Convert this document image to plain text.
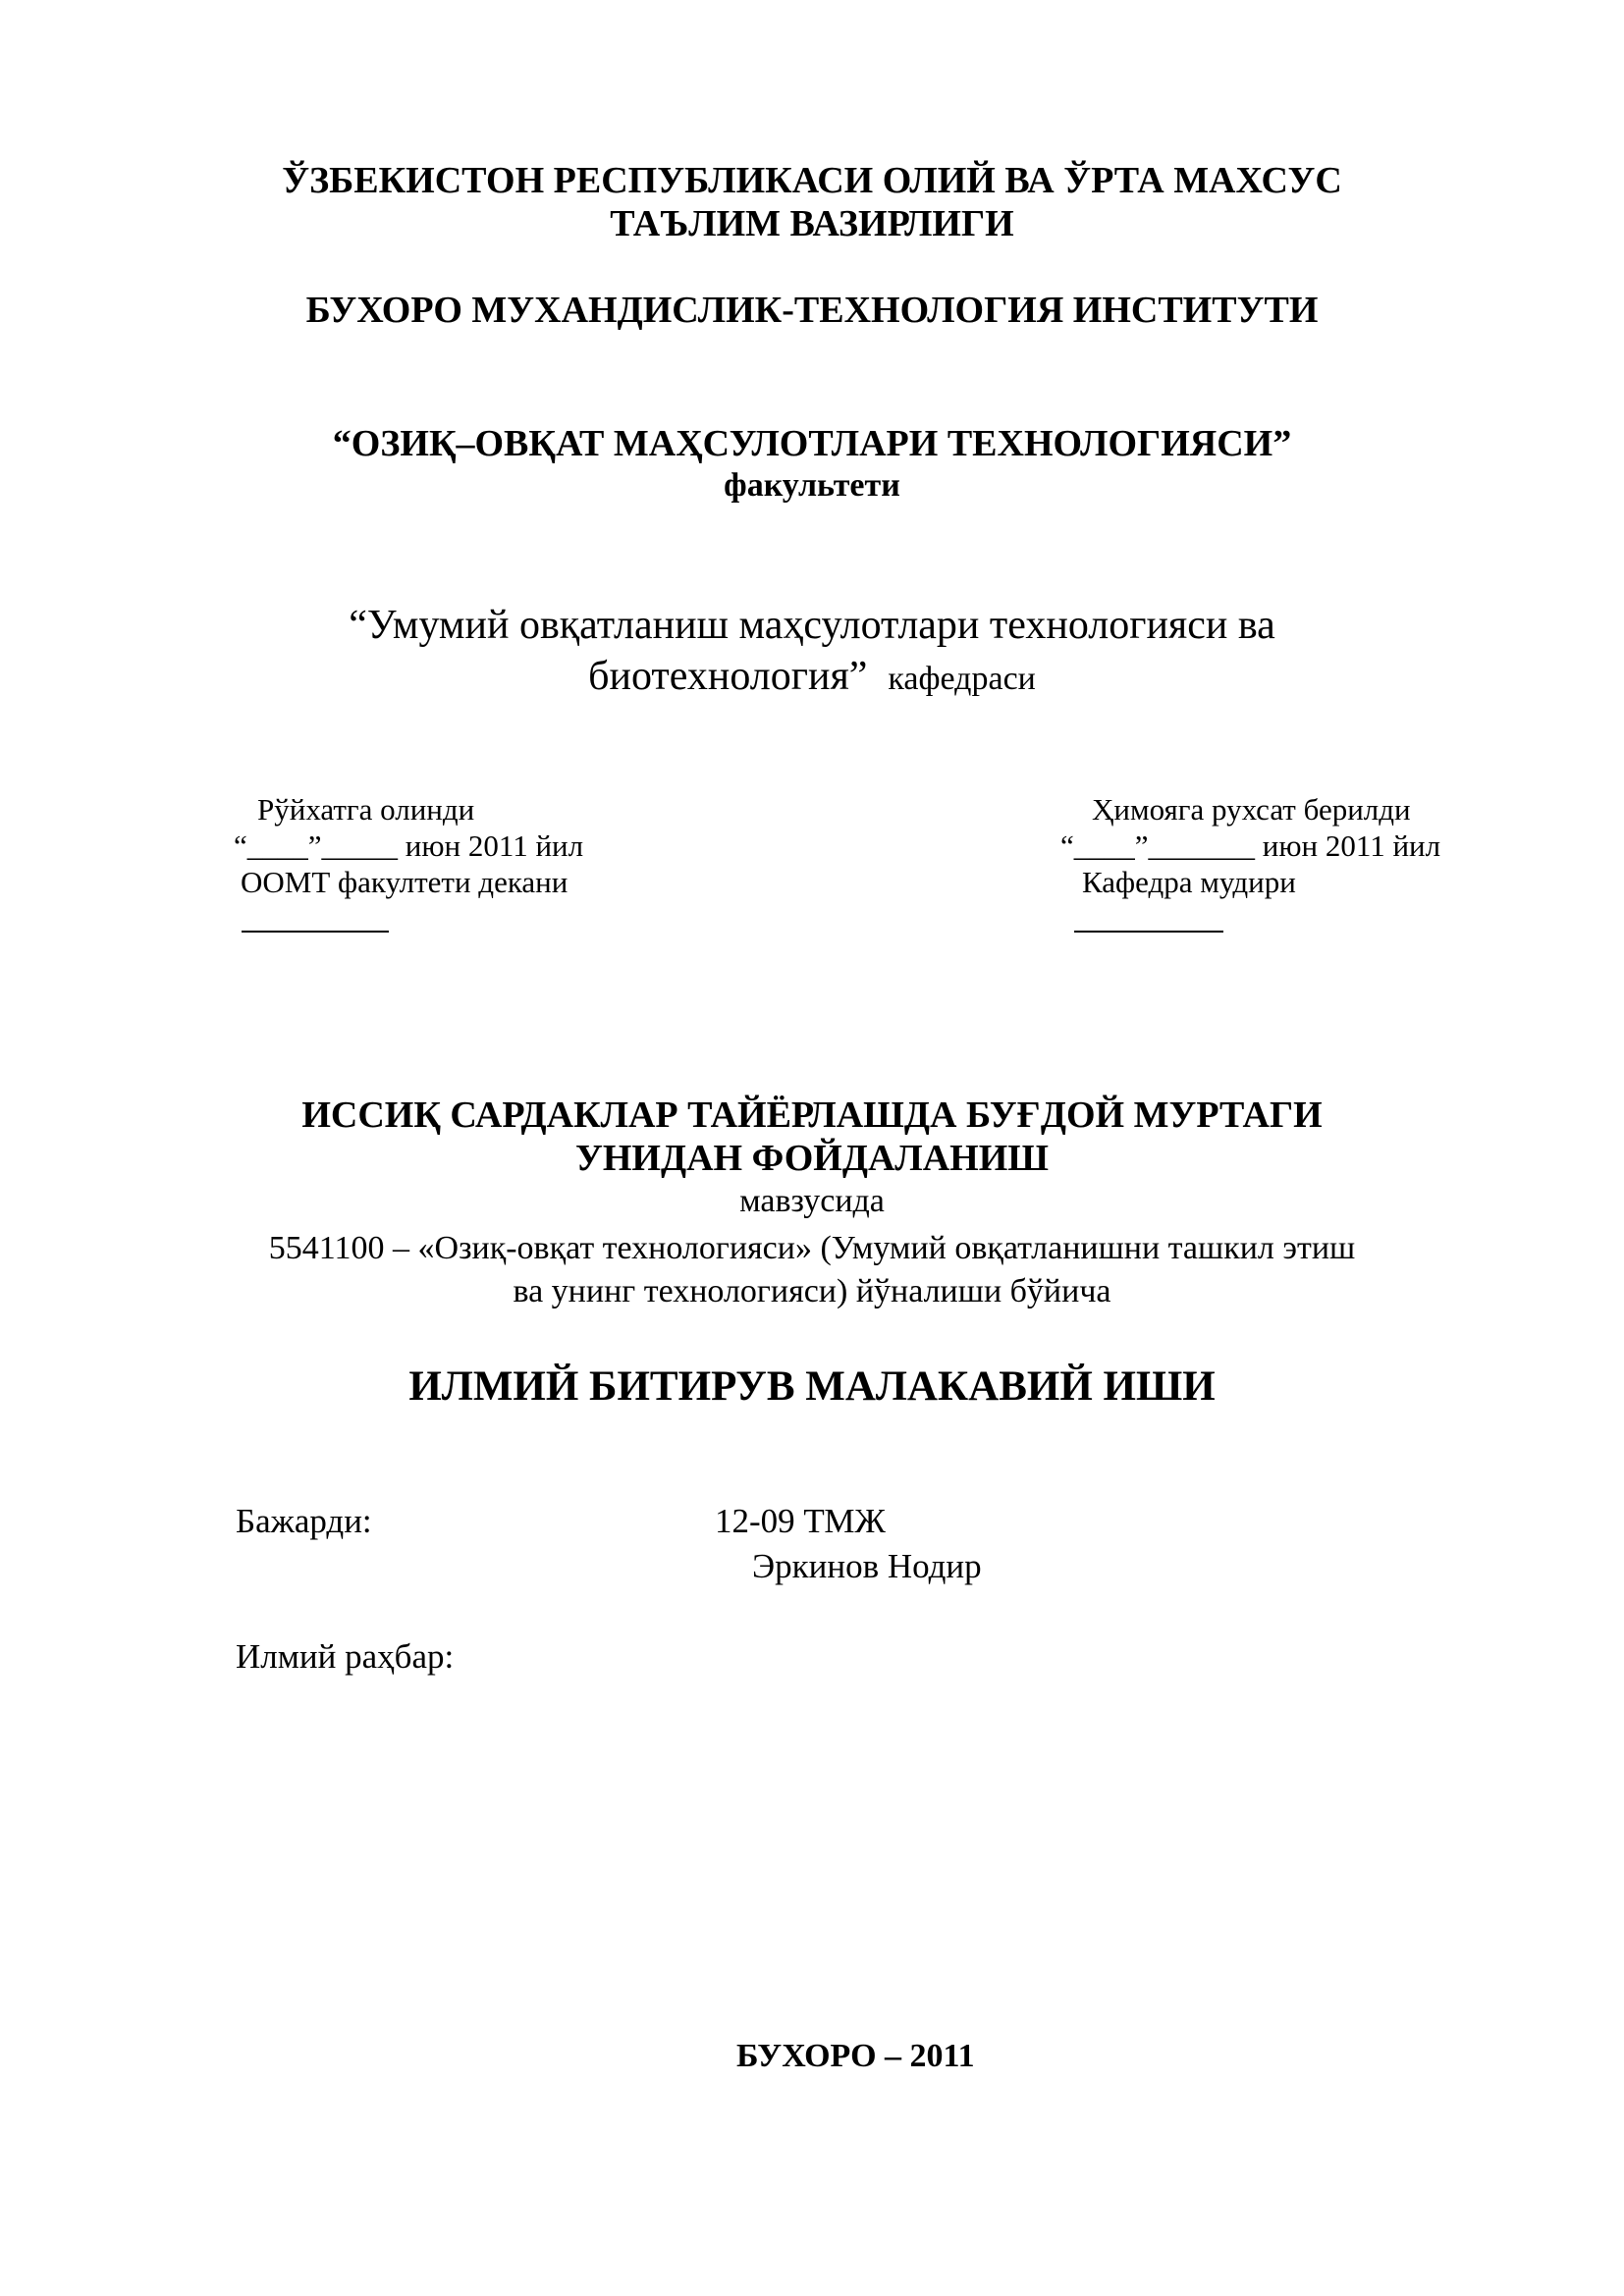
ЎЗБЕКИСТОН РЕСПУБЛИКАСИ ОЛИЙ ВА ЎРТА МАХСУС
ТАЪЛИМ ВАЗИРЛИГИ
БУХОРО МУХАНДИСЛИК-ТЕХНОЛОГИЯ ИНСТИТУТИ
“ОЗИҚ–ОВҚАТ МАҲСУЛОТЛАРИ ТЕХНОЛОГИЯСИ”
факультети
“Умумий овқатланиш маҳсулотлари технологияси ва
биотехнология” кафедраси
Рўйхатга олинди
“____”_____ июн 2011 йил
ООМТ факултети декани
Ҳимояга рухсат берилди
“____”_______ июн 2011 йил
Кафедра мудири
ИССИҚ САРДАКЛАР ТАЙЁРЛАШДА БУҒДОЙ МУРТАГИ
УНИДАН ФОЙДАЛАНИШ
мавзусида
5541100 – «Озиқ-овқат технологияси» (Умумий овқатланишни ташкил этиш
ва унинг технологияси) йўналиши бўйича
ИЛМИЙ БИТИРУВ МАЛАКАВИЙ ИШИ
Бажарди:	12-09 ТМЖ
Эркинов Нодир
Илмий раҳбар:
БУХОРО – 2011
